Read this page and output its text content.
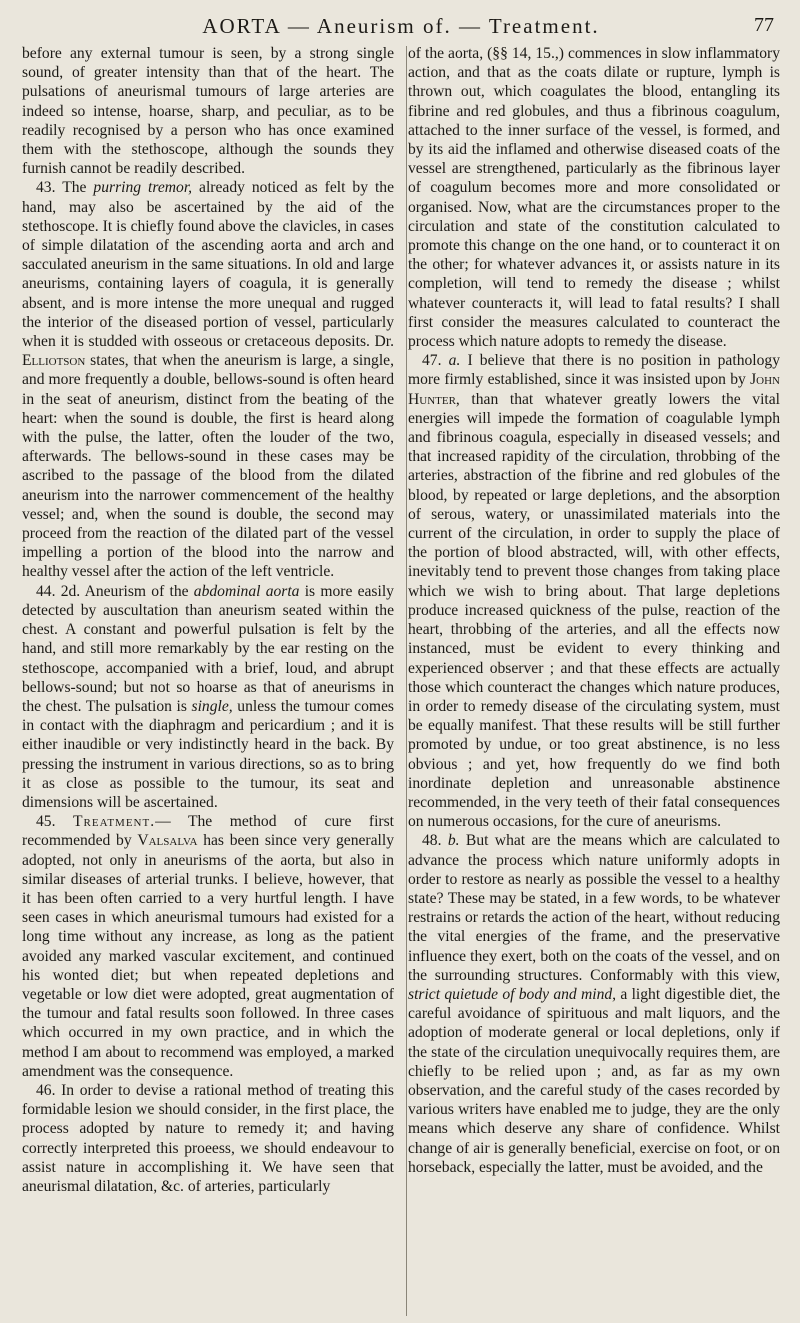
AORTA — Aneurism of. — Treatment.	77

before any external tumour is seen, by a strong single sound, of greater intensity than that of the heart. The pulsations of aneurismal tumours of large arteries are indeed so intense, hoarse, sharp, and peculiar, as to be readily recognised by a person who has once examined them with the stethoscope, although the sounds they furnish cannot be readily described.

43. The purring tremor, already noticed as felt by the hand, may also be ascertained by the aid of the stethoscope. It is chiefly found above the clavicles, in cases of simple dilatation of the ascending aorta and arch and sacculated aneurism in the same situations. In old and large aneurisms, containing layers of coagula, it is generally absent, and is more intense the more unequal and rugged the interior of the diseased portion of vessel, particularly when it is studded with osseous or cretaceous deposits. Dr. Elliotson states, that when the aneurism is large, a single, and more frequently a double, bellows-sound is often heard in the seat of aneurism, distinct from the beating of the heart: when the sound is double, the first is heard along with the pulse, the latter, often the louder of the two, afterwards. The bellows-sound in these cases may be ascribed to the passage of the blood from the dilated aneurism into the narrower commencement of the healthy vessel; and, when the sound is double, the second may proceed from the reaction of the dilated part of the vessel impelling a portion of the blood into the narrow and healthy vessel after the action of the left ventricle.

44. 2d. Aneurism of the abdominal aorta is more easily detected by auscultation than aneurism seated within the chest. A constant and powerful pulsation is felt by the hand, and still more remarkably by the ear resting on the stethoscope, accompanied with a brief, loud, and abrupt bellows-sound; but not so hoarse as that of aneurisms in the chest. The pulsation is single, unless the tumour comes in contact with the diaphragm and pericardium ; and it is either inaudible or very indistinctly heard in the back. By pressing the instrument in various directions, so as to bring it as close as possible to the tumour, its seat and dimensions will be ascertained.

45. Treatment.— The method of cure first recommended by Valsalva has been since very generally adopted, not only in aneurisms of the aorta, but also in similar diseases of arterial trunks. I believe, however, that it has been often carried to a very hurtful length. I have seen cases in which aneurismal tumours had existed for a long time without any increase, as long as the patient avoided any marked vascular excitement, and continued his wonted diet; but when repeated depletions and vegetable or low diet were adopted, great augmentation of the tumour and fatal results soon followed. In three cases which occurred in my own practice, and in which the method I am about to recommend was employed, a marked amendment was the consequence.

46. In order to devise a rational method of treating this formidable lesion we should consider, in the first place, the process adopted by nature to remedy it; and having correctly interpreted this proeess, we should endeavour to assist nature in accomplishing it. We have seen that aneurismal dilatation, &c. of arteries, particularly

of the aorta, (§§ 14, 15.,) commences in slow inflammatory action, and that as the coats dilate or rupture, lymph is thrown out, which coagulates the blood, entangling its fibrine and red globules, and thus a fibrinous coagulum, attached to the inner surface of the vessel, is formed, and by its aid the inflamed and otherwise diseased coats of the vessel are strengthened, particularly as the fibrinous layer of coagulum becomes more and more consolidated or organised. Now, what are the circumstances proper to the circulation and state of the constitution calculated to promote this change on the one hand, or to counteract it on the other; for whatever advances it, or assists nature in its completion, will tend to remedy the disease ; whilst whatever counteracts it, will lead to fatal results? I shall first consider the measures calculated to counteract the process which nature adopts to remedy the disease.

47. a. I believe that there is no position in pathology more firmly established, since it was insisted upon by John Hunter, than that whatever greatly lowers the vital energies will impede the formation of coagulable lymph and fibrinous coagula, especially in diseased vessels; and that increased rapidity of the circulation, throbbing of the arteries, abstraction of the fibrine and red globules of the blood, by repeated or large depletions, and the absorption of serous, watery, or unassimilated materials into the current of the circulation, in order to supply the place of the portion of blood abstracted, will, with other effects, inevitably tend to prevent those changes from taking place which we wish to bring about. That large depletions produce increased quickness of the pulse, reaction of the heart, throbbing of the arteries, and all the effects now instanced, must be evident to every thinking and experienced observer ; and that these effects are actually those which counteract the changes which nature produces, in order to remedy disease of the circulating system, must be equally manifest. That these results will be still further promoted by undue, or too great abstinence, is no less obvious ; and yet, how frequently do we find both inordinate depletion and unreasonable abstinence recommended, in the very teeth of their fatal consequences on numerous occasions, for the cure of aneurisms.

48. b. But what are the means which are calculated to advance the process which nature uniformly adopts in order to restore as nearly as possible the vessel to a healthy state? These may be stated, in a few words, to be whatever restrains or retards the action of the heart, without reducing the vital energies of the frame, and the preservative influence they exert, both on the coats of the vessel, and on the surrounding structures. Conformably with this view, strict quietude of body and mind, a light digestible diet, the careful avoidance of spirituous and malt liquors, and the adoption of moderate general or local depletions, only if the state of the circulation unequivocally requires them, are chiefly to be relied upon ; and, as far as my own observation, and the careful study of the cases recorded by various writers have enabled me to judge, they are the only means which deserve any share of confidence. Whilst change of air is generally beneficial, exercise on foot, or on horseback, especially the latter, must be avoided, and the
